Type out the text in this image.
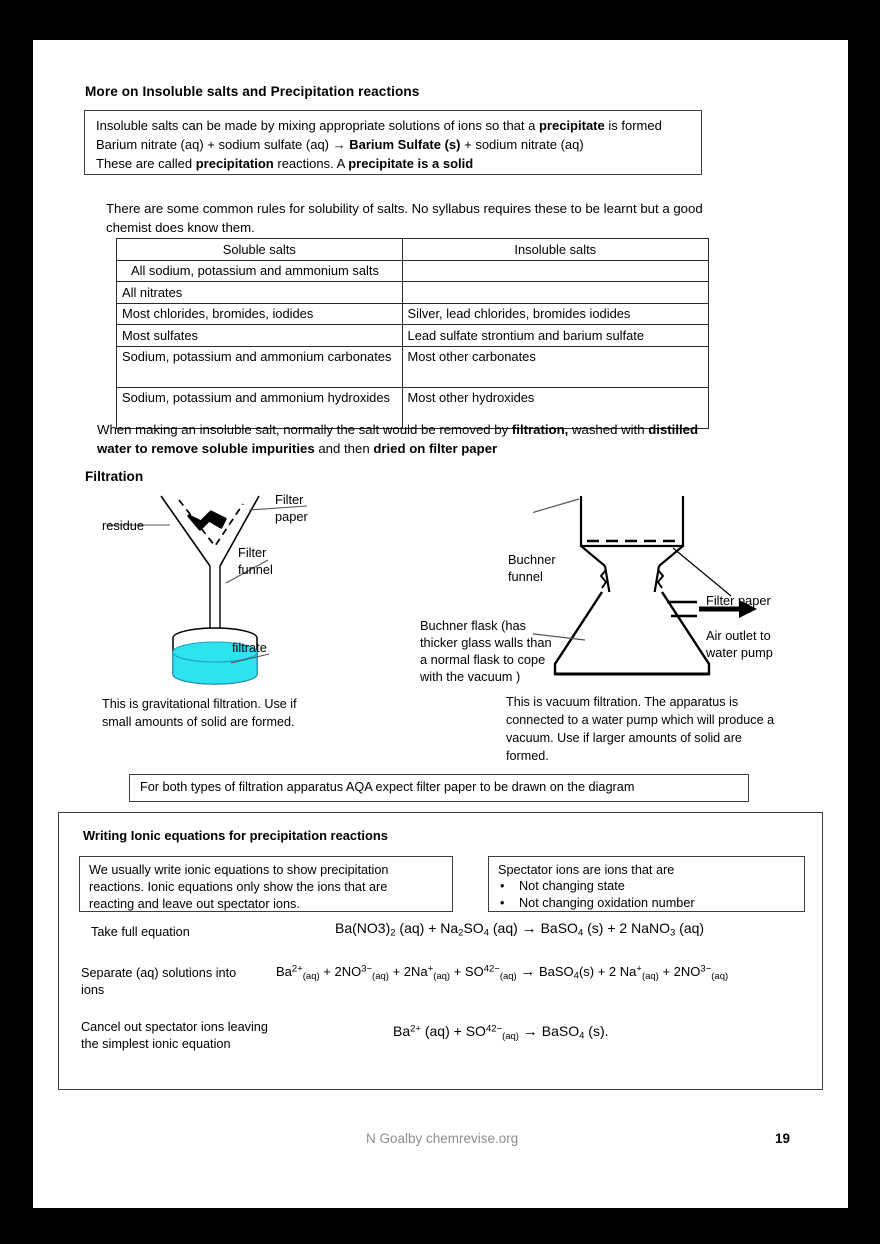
More on Insoluble salts and Precipitation reactions
Insoluble salts can be made by mixing appropriate solutions of ions so that a precipitate is formed
Barium nitrate (aq) + sodium sulfate (aq) → Barium Sulfate (s) + sodium nitrate (aq)
These are called precipitation reactions. A precipitate is a solid
There are some common rules for solubility of salts. No syllabus requires these to be learnt but a good chemist does know them.
Soluble salts	Insoluble salts
All sodium, potassium and ammonium salts	
All nitrates	
Most chlorides, bromides, iodides	Silver, lead chlorides, bromides iodides
Most sulfates	Lead sulfate strontium and barium sulfate
Sodium, potassium and ammonium carbonates	Most other carbonates
Sodium, potassium and ammonium hydroxides	Most other hydroxides
When making an insoluble salt, normally the salt would be removed by filtration, washed with distilled water to remove soluble impurities and then dried on filter paper
Filtration
residue
Filter
paper
Filter
funnel
filtrate
Buchner
funnel
Filter paper
Buchner flask (has
thicker glass walls than
a normal flask to cope
with the vacuum )
Air outlet to
water pump
This is gravitational filtration. Use if small amounts of solid are formed.
This is vacuum filtration. The apparatus is connected to a water pump which will produce a vacuum. Use if larger amounts of solid are formed.
For both types of filtration apparatus AQA expect filter paper to be drawn on the diagram
Writing Ionic equations for precipitation reactions
We usually write ionic equations to show precipitation
reactions. Ionic equations only show the ions that are
reacting and leave out spectator ions.
Spectator ions are ions that are
• Not changing state
• Not changing oxidation number
Take full equation
Separate (aq) solutions into
ions
Cancel out spectator ions leaving
the simplest ionic equation
$Ba(NO3)_2$ $(aq) + Na_2SO_4$ (aq) → BaSO$_4$ (s) + 2 NaNO$_3$ (aq)
$Ba^{2+}_{(aq)} + 2NO^{3-}_{(aq)} + 2Na^+_{(aq)} + SO^{42-}_{(aq)}$ → BaSO$_4$(s) + 2 $Na^+_{(aq)} + 2NO^{3-}_{(aq)}$
$Ba^{2+}$ $(aq) + SO^{42-}_{(aq)}$ → BaSO$_4$ (s).
N Goalby chemrevise.org	19
